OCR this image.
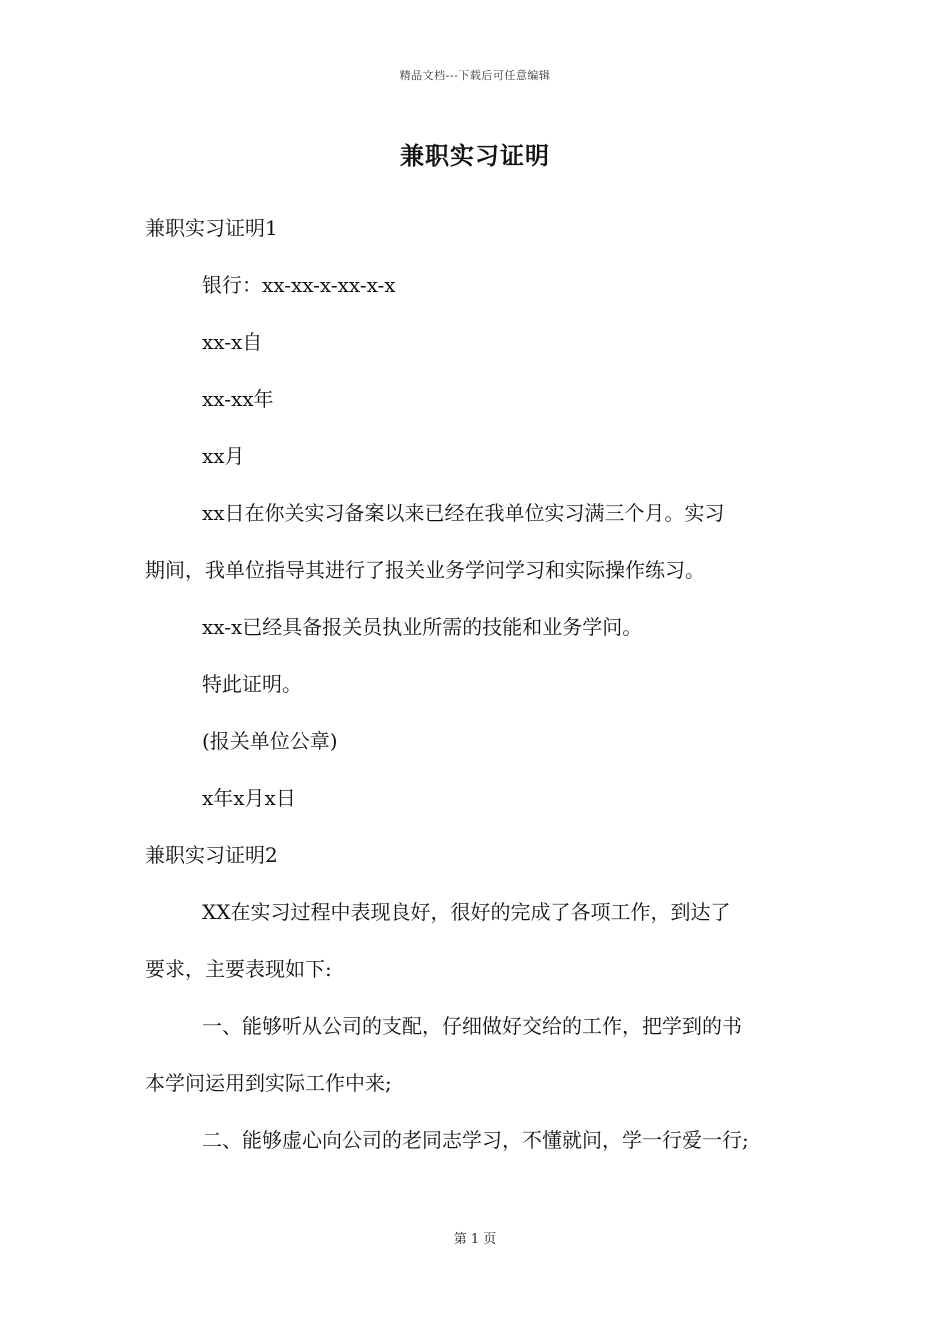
精品文档---下载后可任意编辑
兼职实习证明
兼职实习证明1
银行：xx-xx-x-xx-x-x
xx-x自
xx-xx年
xx月
xx日在你关实习备案以来已经在我单位实习满三个月。实习
期间，我单位指导其进行了报关业务学问学习和实际操作练习。
xx-x已经具备报关员执业所需的技能和业务学问。
特此证明。
(报关单位公章)
x年x月x日
兼职实习证明2
XX在实习过程中表现良好，很好的完成了各项工作，到达了
要求，主要表现如下:
一、能够听从公司的支配，仔细做好交给的工作，把学到的书
本学问运用到实际工作中来;
二、能够虚心向公司的老同志学习，不懂就问，学一行爱一行;
第 1 页
